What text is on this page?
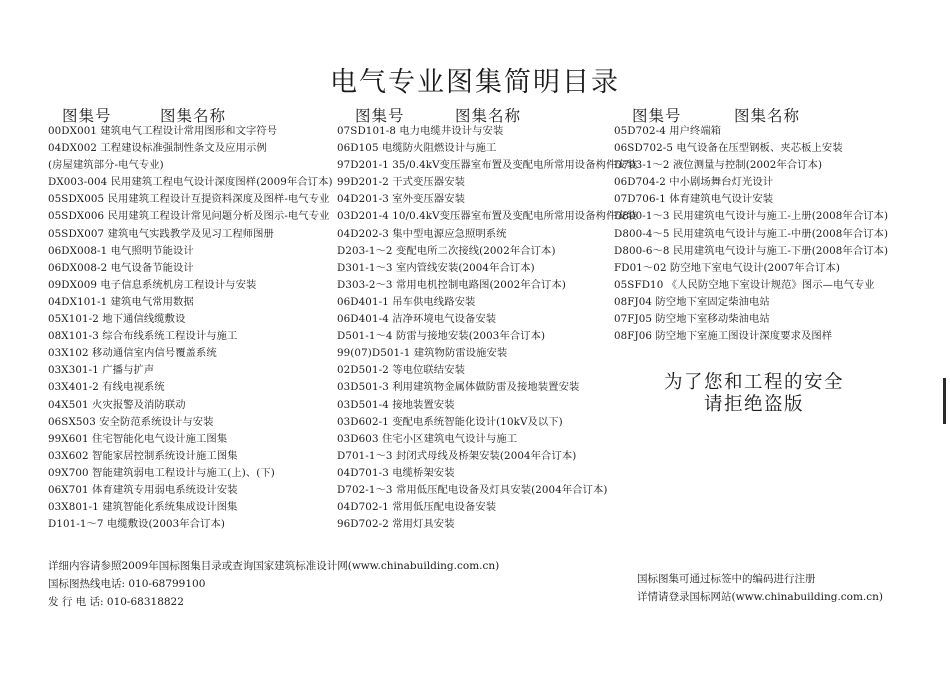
电气专业图集简明目录
图集号	图集名称
00DX001 建筑电气工程设计常用图形和文字符号
04DX002 工程建设标准强制性条文及应用示例
(房屋建筑部分-电气专业)
DX003-004 民用建筑工程电气设计深度图样(2009年合订本)
05SDX005 民用建筑工程设计互提资料深度及图样-电气专业
05SDX006 民用建筑工程设计常见问题分析及图示-电气专业
05SDX007 建筑电气实践教学及见习工程师图册
06DX008-1 电气照明节能设计
06DX008-2 电气设备节能设计
09DX009 电子信息系统机房工程设计与安装
04DX101-1 建筑电气常用数据
05X101-2 地下通信线缆敷设
08X101-3 综合布线系统工程设计与施工
03X102 移动通信室内信号覆盖系统
03X301-1 广播与扩声
03X401-2 有线电视系统
04X501 火灾报警及消防联动
06SX503 安全防范系统设计与安装
99X601 住宅智能化电气设计施工图集
03X602 智能家居控制系统设计施工图集
09X700 智能建筑弱电工程设计与施工(上)、(下)
06X701 体育建筑专用弱电系统设计安装
03X801-1 建筑智能化系统集成设计图集
D101-1～7 电缆敷设(2003年合订本)
图集号	图集名称
07SD101-8 电力电缆井设计与安装
06D105 电缆防火阻燃设计与施工
97D201-1 35/0.4kV变压器室布置及变配电所常用设备构件安装
99D201-2 干式变压器安装
04D201-3 室外变压器安装
03D201-4 10/0.4kV变压器室布置及变配电所常用设备构件安装
04D202-3 集中型电源应急照明系统
D203-1～2 变配电所二次接线(2002年合订本)
D301-1～3 室内管线安装(2004年合订本)
D303-2～3 常用电机控制电路图(2002年合订本)
06D401-1 吊车供电线路安装
06D401-4 洁净环境电气设备安装
D501-1～4 防雷与接地安装(2003年合订本)
99(07)D501-1 建筑物防雷设施安装
02D501-2 等电位联结安装
03D501-3 利用建筑物金属体做防雷及接地装置安装
03D501-4 接地装置安装
03D602-1 变配电系统智能化设计(10kV及以下)
03D603 住宅小区建筑电气设计与施工
D701-1～3 封闭式母线及桥架安装(2004年合订本)
04D701-3 电缆桥架安装
D702-1～3 常用低压配电设备及灯具安装(2004年合订本)
04D702-1 常用低压配电设备安装
96D702-2 常用灯具安装
图集号	图集名称
05D702-4 用户终端箱
06SD702-5 电气设备在压型钢板、夹芯板上安装
D703-1～2 液位测量与控制(2002年合订本)
06D704-2 中小剧场舞台灯光设计
07D706-1 体育建筑电气设计安装
D800-1～3 民用建筑电气设计与施工-上册(2008年合订本)
D800-4～5 民用建筑电气设计与施工-中册(2008年合订本)
D800-6～8 民用建筑电气设计与施工-下册(2008年合订本)
FD01～02 防空地下室电气设计(2007年合订本)
05SFD10 《人民防空地下室设计规范》图示—电气专业
08FJ04 防空地下室固定柴油电站
07FJ05 防空地下室移动柴油电站
08FJ06 防空地下室施工图设计深度要求及图样
为了您和工程的安全
请拒绝盗版
详细内容请参照2009年国标图集目录或查询国家建筑标准设计网(www.chinabuilding.com.cn)
国标图热线电话: 010-68799100
发 行 电 话: 010-68318822
国标图集可通过标签中的编码进行注册
详情请登录国标网站(www.chinabuilding.com.cn)
